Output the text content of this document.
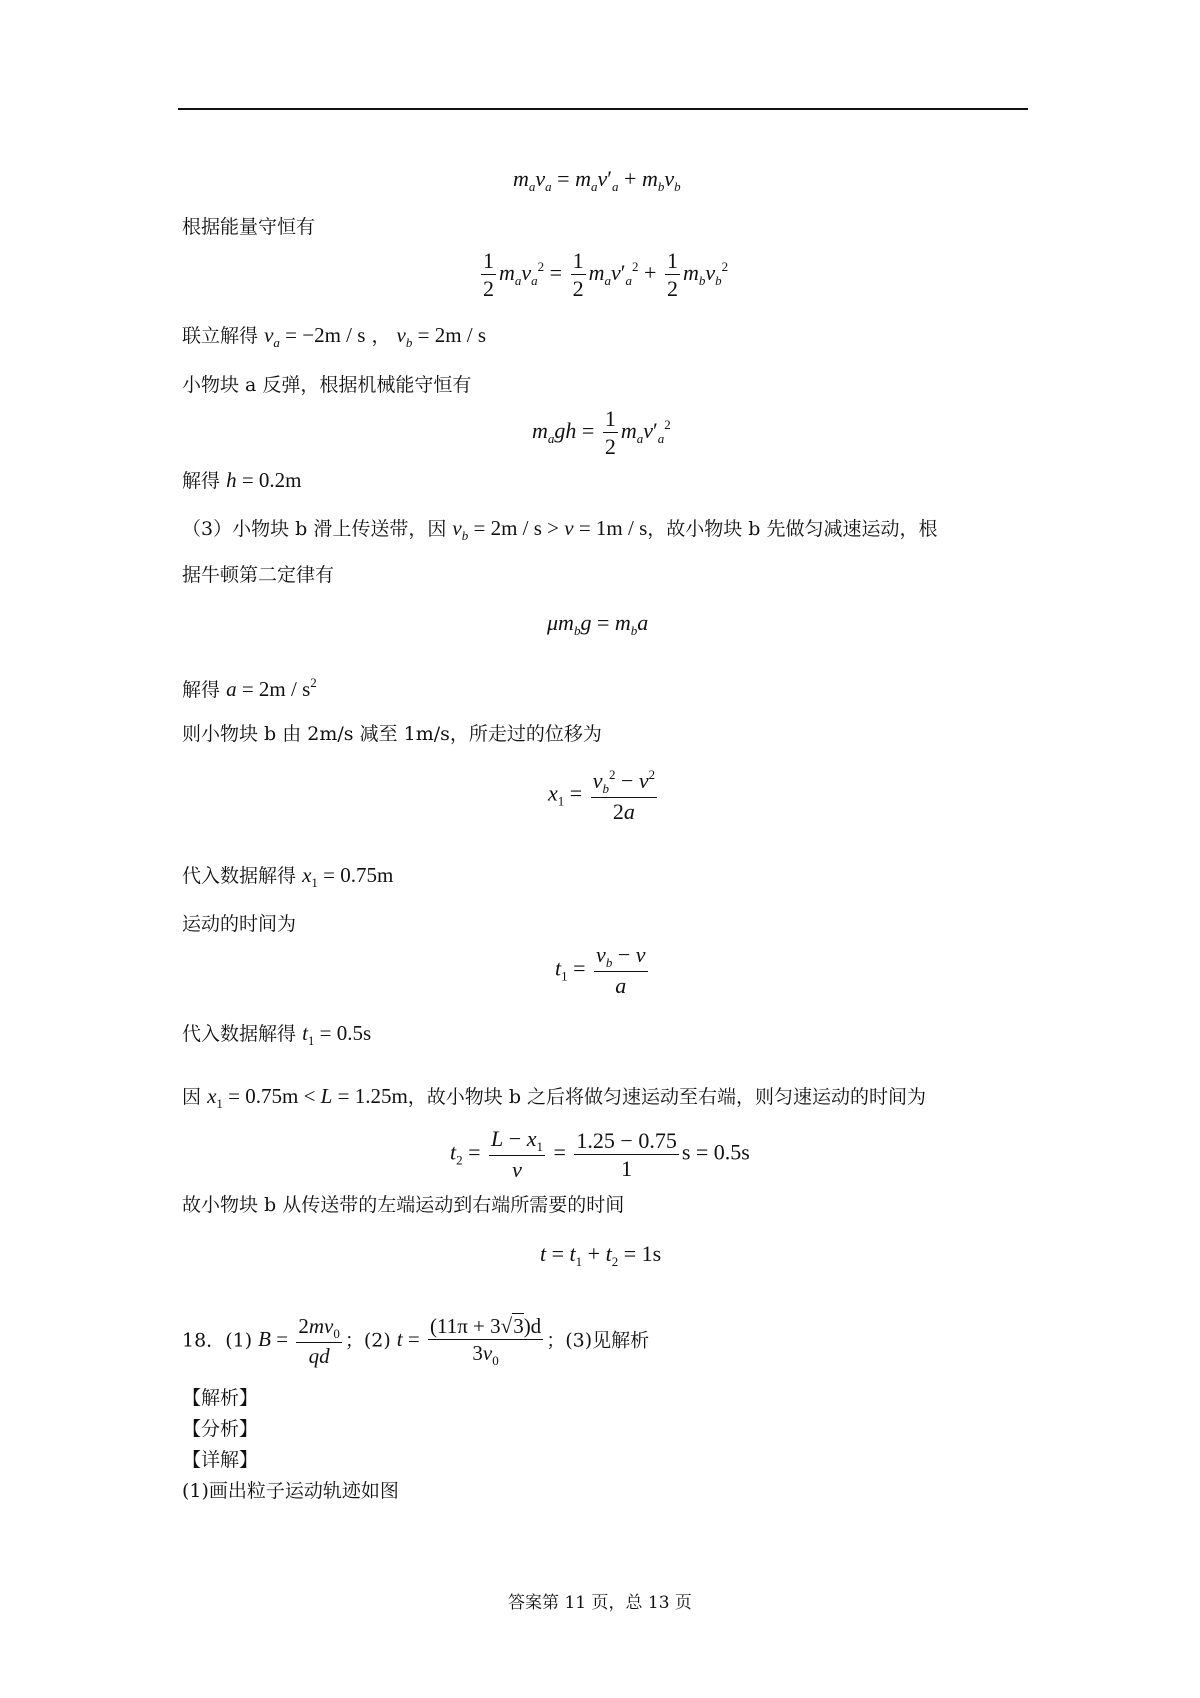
$m_av_a = m_av'_a + m_bv_b$
根据能量守恒有
$\frac{1}{2} m_av_a^2 = \frac{1}{2} m_av'_a^2 + \frac{1}{2} m_bv_b^2$
联立解得 $v_a = -2m / s$ ， $v_b = 2m / s$
小物块 a 反弹，根据机械能守恒有
$m_agh = \frac{1}{2} m_av'_a^2$
解得 h = 0.2m
（3）小物块 b 滑上传送带，因 $v_b = 2m / s > v = 1m / s$，故小物块 b 先做匀减速运动，根
据牛顿第二定律有
$\mu m_bg = m_ba$
解得 $a = 2m / s^2$
则小物块 b 由 2m/s 减至 1m/s，所走过的位移为
$x_1 = \frac{v_b^2 - v^2}{2a}$
代入数据解得 $x_1 = 0.75m$
运动的时间为
$t_1 = \frac{v_b - v}{a}$
代入数据解得 $t_1 = 0.5s$
因 $x_1 = 0.75m < L = 1.25m$，故小物块 b 之后将做匀速运动至右端，则匀速运动的时间为
$t_2 = \frac{L - x_1}{v} = \frac{1.25 - 0.75}{1}$ s = 0.5s
故小物块 b 从传送带的左端运动到右端所需要的时间
$t = t_1 + t_2 = 1s$
18．(1) $B = \frac{2mv_0}{qd}$ ；(2) $t = \frac{(11\pi + 3√3)d}{3v_0}$ ；(3)见解析
【解析】
【分析】
【详解】
(1)画出粒子运动轨迹如图
答案第 11 页，总 13 页
